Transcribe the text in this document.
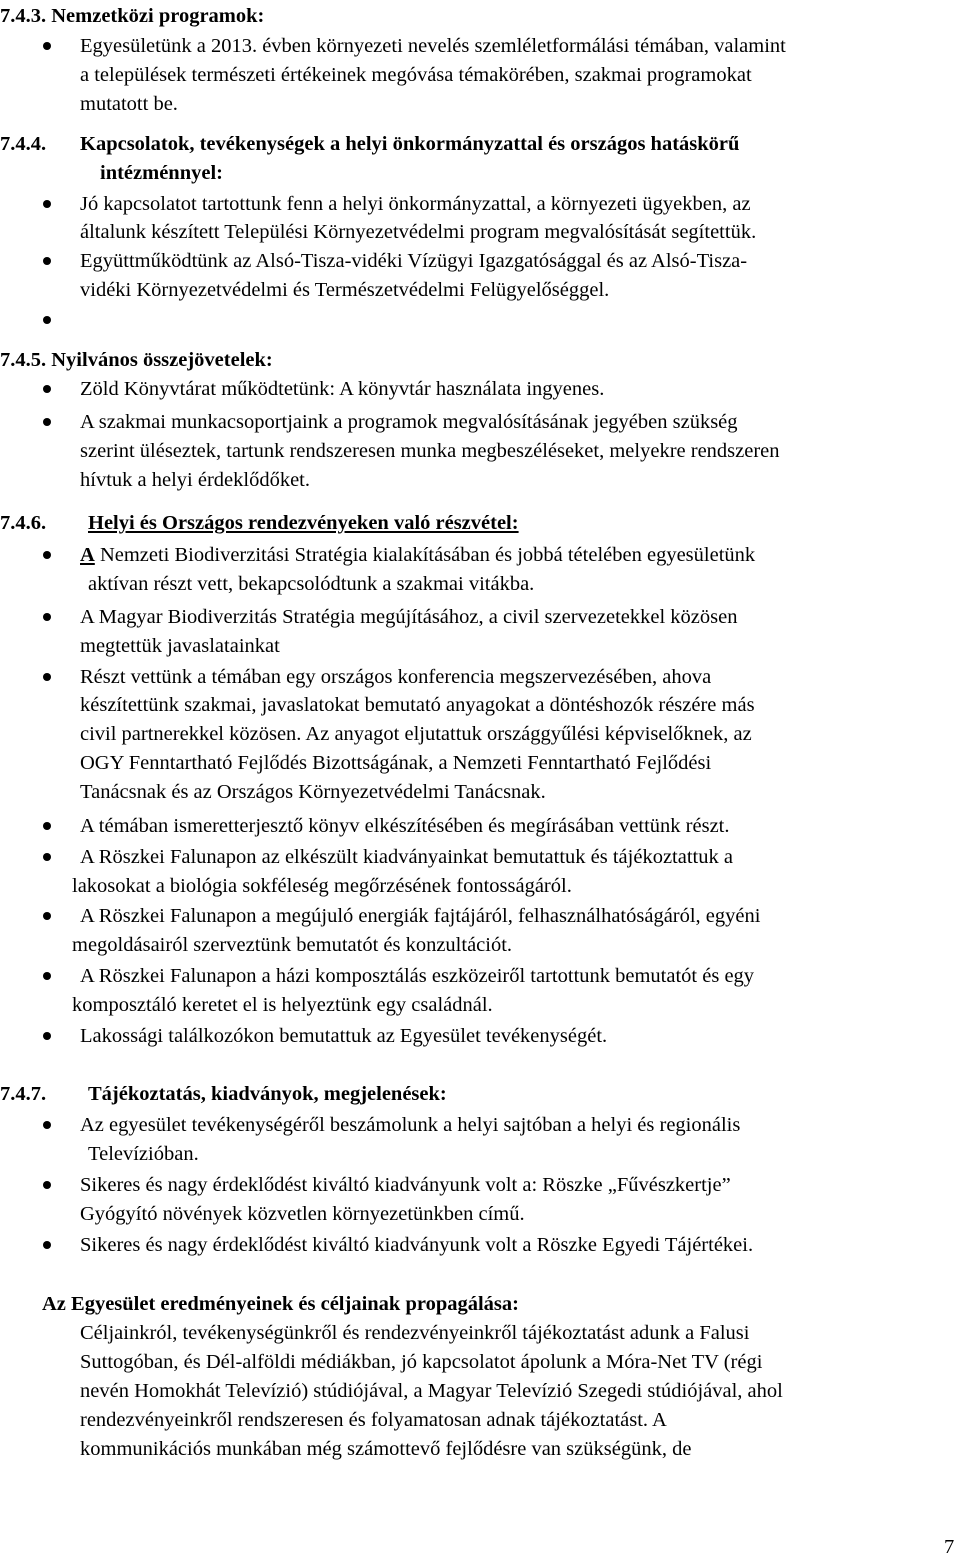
7.4.3. Nemzetközi programok:
Egyesületünk a 2013. évben környezeti nevelés szemléletformálási témában, valamint
a települések természeti értékeinek megóvása témakörében, szakmai programokat
mutatott be.
7.4.4. Kapcsolatok, tevékenységek a helyi önkormányzattal és országos hatáskörű
intézménnyel:
Jó kapcsolatot tartottunk fenn a helyi önkormányzattal, a környezeti ügyekben, az
általunk készített Települési Környezetvédelmi program megvalósítását segítettük.
Együttműködtünk az Alsó-Tisza-vidéki Vízügyi Igazgatósággal és az Alsó-Tisza-
vidéki Környezetvédelmi és Természetvédelmi Felügyelőséggel.
7.4.5. Nyilvános összejövetelek:
Zöld Könyvtárat működtetünk: A könyvtár használata ingyenes.
A szakmai munkacsoportjaink a programok megvalósításának jegyében szükség
szerint üléseztek, tartunk rendszeresen munka megbeszéléseket, melyekre rendszeren
hívtuk a helyi érdeklődőket.
7.4.6. Helyi és Országos rendezvényeken való részvétel:
A Nemzeti Biodiverzitási Stratégia kialakításában és jobbá tételében egyesületünk
aktívan részt vett, bekapcsolódtunk a szakmai vitákba.
A Magyar Biodiverzitás Stratégia megújításához, a civil szervezetekkel közösen
megtettük javaslatainkat
Részt vettünk a témában egy országos konferencia megszervezésében, ahova
készítettünk szakmai, javaslatokat bemutató anyagokat a döntéshozók részére más
civil partnerekkel közösen. Az anyagot eljutattuk országgyűlési képviselőknek, az
OGY Fenntartható Fejlődés Bizottságának, a Nemzeti Fenntartható Fejlődési
Tanácsnak és az Országos Környezetvédelmi Tanácsnak.
A témában ismeretterjesztő könyv elkészítésében és megírásában vettünk részt.
A Röszkei Falunapon az elkészült kiadványainkat bemutattuk és tájékoztattuk a
lakosokat a biológia sokféleség megőrzésének fontosságáról.
A Röszkei Falunapon a megújuló energiák fajtájáról, felhasználhatóságáról, egyéni
megoldásairól szerveztünk bemutatót és konzultációt.
A Röszkei Falunapon a házi komposztálás eszközeiről tartottunk bemutatót és egy
komposztáló keretet el is helyeztünk egy családnál.
Lakossági találkozókon bemutattuk az Egyesület tevékenységét.
7.4.7. Tájékoztatás, kiadványok, megjelenések:
Az egyesület tevékenységéről beszámolunk a helyi sajtóban a helyi és regionális
Televízióban.
Sikeres és nagy érdeklődést kiváltó kiadványunk volt a: Röszke „Fűvészkertje”
Gyógyító növények közvetlen környezetünkben című.
Sikeres és nagy érdeklődést kiváltó kiadványunk volt a Röszke Egyedi Tájértékei.
Az Egyesület eredményeinek és céljainak propagálása:
Céljainkról, tevékenységünkről és rendezvényeinkről tájékoztatást adunk a Falusi
Suttogóban, és Dél-alföldi médiákban, jó kapcsolatot ápolunk a Móra-Net TV (régi
nevén Homokhát Televízió) stúdiójával, a Magyar Televízió Szegedi stúdiójával, ahol
rendezvényeinkről rendszeresen és folyamatosan adnak tájékoztatást. A
kommunikációs munkában még számottevő fejlődésre van szükségünk, de
7
